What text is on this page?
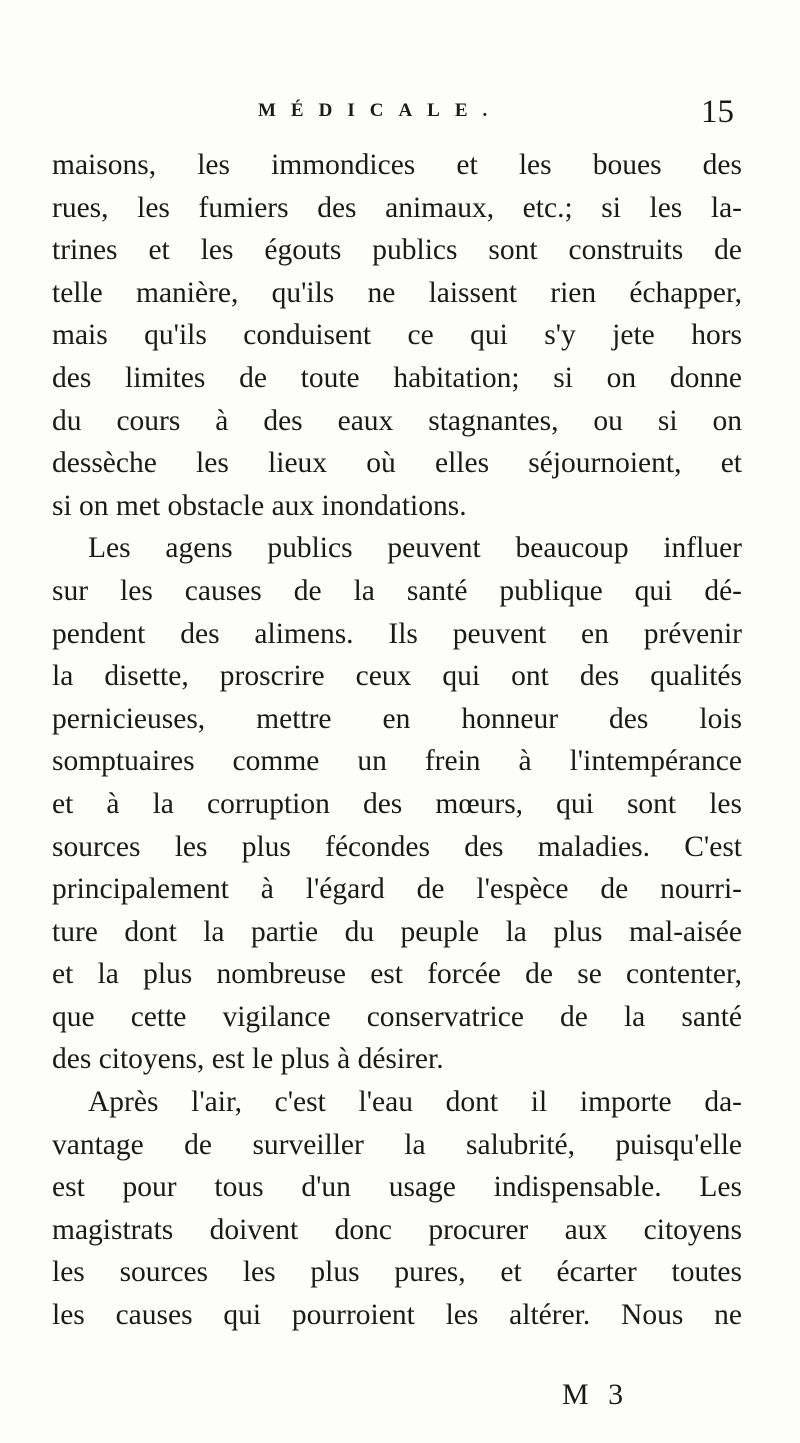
MÉDICALE.	15
maisons, les immondices et les boues des
rues, les fumiers des animaux, etc.; si les la-
trines et les égouts publics sont construits de
telle manière, qu'ils ne laissent rien échapper,
mais qu'ils conduisent ce qui s'y jete hors
des limites de toute habitation; si on donne
du cours à des eaux stagnantes, ou si on
dessèche les lieux où elles séjournoient, et
si on met obstacle aux inondations.
Les agens publics peuvent beaucoup influer
sur les causes de la santé publique qui dé-
pendent des alimens. Ils peuvent en prévenir
la disette, proscrire ceux qui ont des qualités
pernicieuses, mettre en honneur des lois
somptuaires comme un frein à l'intempérance
et à la corruption des mœurs, qui sont les
sources les plus fécondes des maladies. C'est
principalement à l'égard de l'espèce de nourri-
ture dont la partie du peuple la plus mal-aisée
et la plus nombreuse est forcée de se contenter,
que cette vigilance conservatrice de la santé
des citoyens, est le plus à désirer.
Après l'air, c'est l'eau dont il importe da-
vantage de surveiller la salubrité, puisqu'elle
est pour tous d'un usage indispensable. Les
magistrats doivent donc procurer aux citoyens
les sources les plus pures, et écarter toutes
les causes qui pourroient les altérer. Nous ne
M 3
